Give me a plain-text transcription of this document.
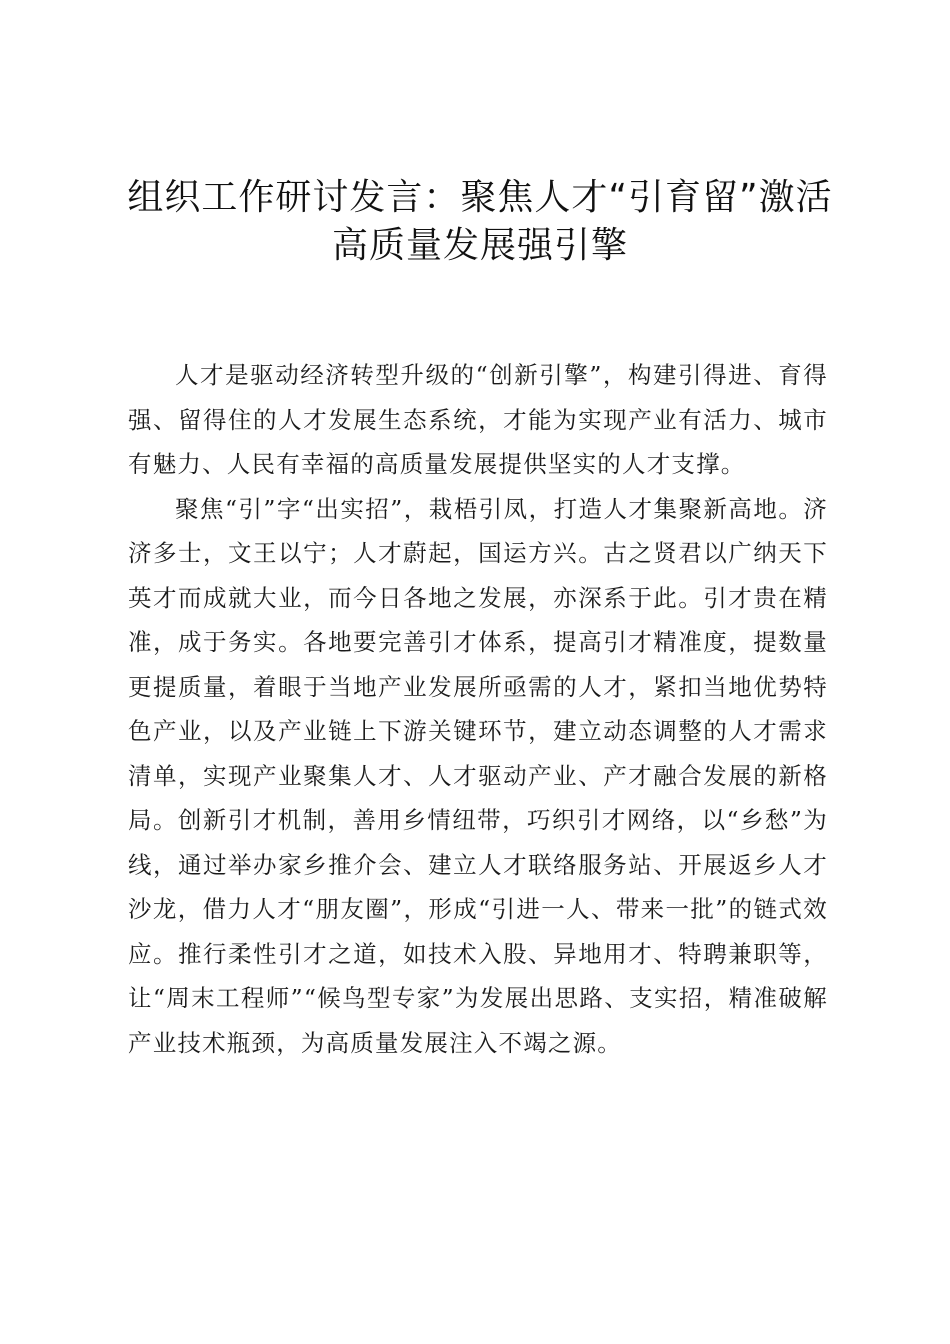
组织工作研讨发言：聚焦人才“引育留”激活
高质量发展强引擎

人才是驱动经济转型升级的“创新引擎”，构建引得进、育得强、留得住的人才发展生态系统，才能为实现产业有活力、城市有魅力、人民有幸福的高质量发展提供坚实的人才支撑。

聚焦“引”字“出实招”，栽梧引凤，打造人才集聚新高地。济济多士，文王以宁；人才蔚起，国运方兴。古之贤君以广纳天下英才而成就大业，而今日各地之发展，亦深系于此。引才贵在精准，成于务实。各地要完善引才体系，提高引才精准度，提数量更提质量，着眼于当地产业发展所亟需的人才，紧扣当地优势特色产业，以及产业链上下游关键环节，建立动态调整的人才需求清单，实现产业聚集人才、人才驱动产业、产才融合发展的新格局。创新引才机制，善用乡情纽带，巧织引才网络，以“乡愁”为线，通过举办家乡推介会、建立人才联络服务站、开展返乡人才沙龙，借力人才“朋友圈”，形成“引进一人、带来一批”的链式效应。推行柔性引才之道，如技术入股、异地用才、特聘兼职等，让“周末工程师”“候鸟型专家”为发展出思路、支实招，精准破解产业技术瓶颈，为高质量发展注入不竭之源。
